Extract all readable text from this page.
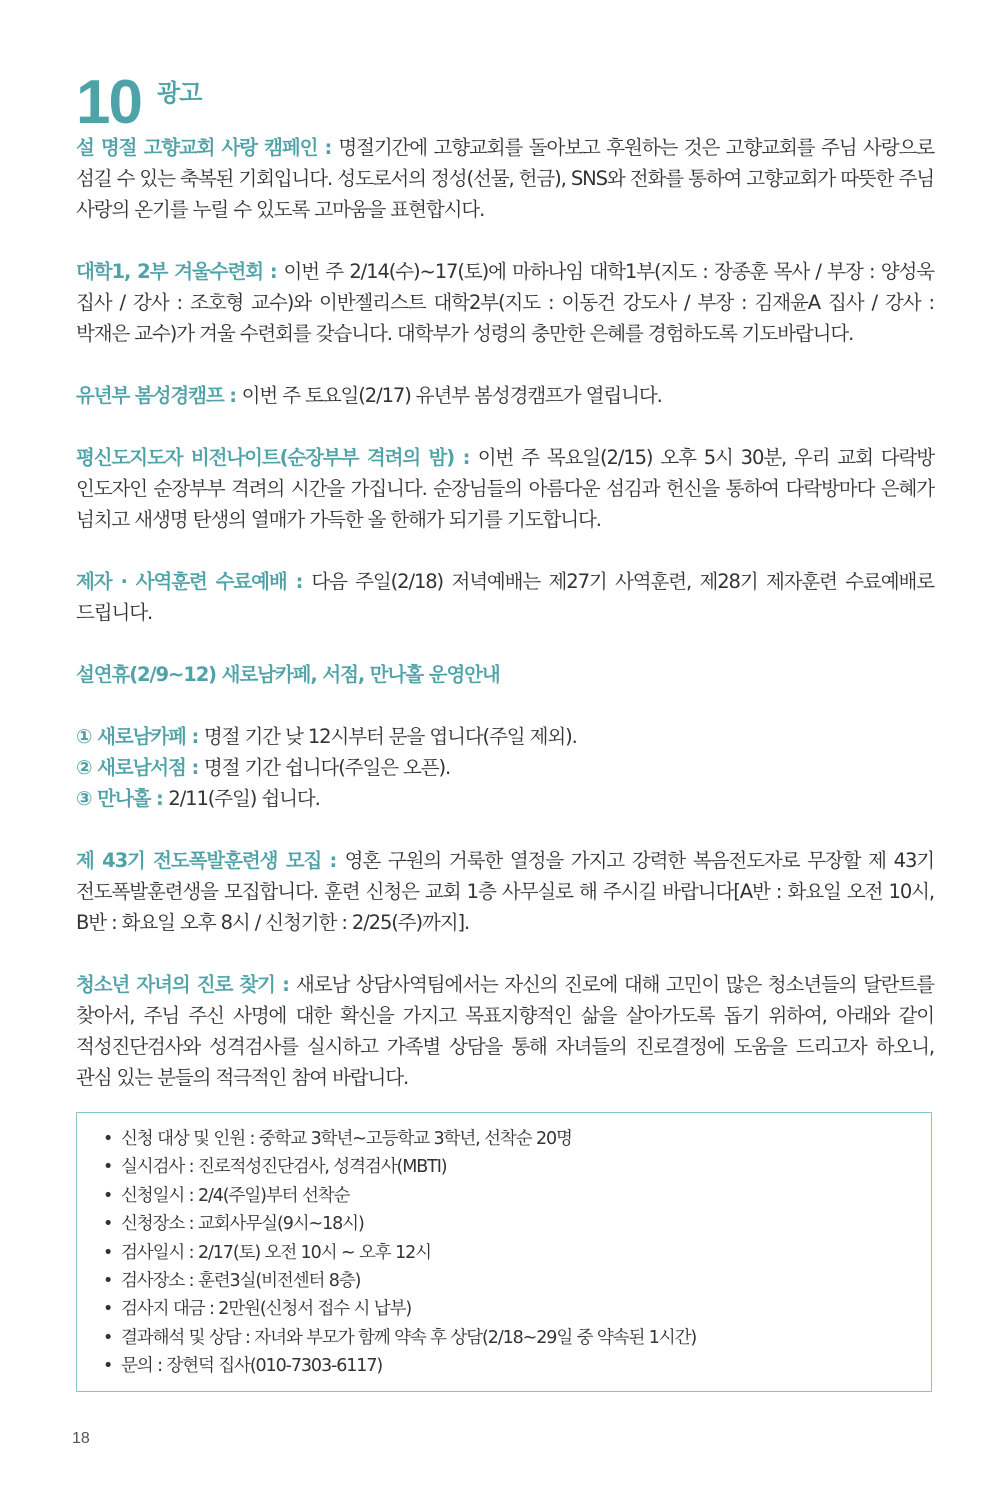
10 광고

설 명절 고향교회 사랑 캠페인 : 명절기간에 고향교회를 돌아보고 후원하는 것은 고향교회를 주님 사랑으로 섬길 수 있는 축복된 기회입니다. 성도로서의 정성(선물, 헌금), SNS와 전화를 통하여 고향교회가 따뜻한 주님 사랑의 온기를 누릴 수 있도록 고마움을 표현합시다.

대학1, 2부 겨울수련회 : 이번 주 2/14(수)~17(토)에 마하나임 대학1부(지도 : 장종훈 목사 / 부장 : 양성욱 집사 / 강사 : 조호형 교수)와 이반젤리스트 대학2부(지도 : 이동건 강도사 / 부장 : 김재윤A 집사 / 강사 : 박재은 교수)가 겨울 수련회를 갖습니다. 대학부가 성령의 충만한 은혜를 경험하도록 기도바랍니다.

유년부 봄성경캠프 : 이번 주 토요일(2/17) 유년부 봄성경캠프가 열립니다.

평신도지도자 비전나이트(순장부부 격려의 밤) : 이번 주 목요일(2/15) 오후 5시 30분, 우리 교회 다락방 인도자인 순장부부 격려의 시간을 가집니다. 순장님들의 아름다운 섬김과 헌신을 통하여 다락방마다 은혜가 넘치고 새생명 탄생의 열매가 가득한 올 한해가 되기를 기도합니다.

제자 · 사역훈련 수료예배 : 다음 주일(2/18) 저녁예배는 제27기 사역훈련, 제28기 제자훈련 수료예배로 드립니다.

설연휴(2/9~12) 새로남카페, 서점, 만나홀 운영안내

① 새로남카페 : 명절 기간 낮 12시부터 문을 엽니다(주일 제외).

② 새로남서점 : 명절 기간 쉽니다(주일은 오픈).

③ 만나홀 : 2/11(주일) 쉽니다.

제 43기 전도폭발훈련생 모집 : 영혼 구원의 거룩한 열정을 가지고 강력한 복음전도자로 무장할 제 43기 전도폭발훈련생을 모집합니다. 훈련 신청은 교회 1층 사무실로 해 주시길 바랍니다[A반 : 화요일 오전 10시, B반 : 화요일 오후 8시 / 신청기한 : 2/25(주)까지].

청소년 자녀의 진로 찾기 : 새로남 상담사역팀에서는 자신의 진로에 대해 고민이 많은 청소년들의 달란트를 찾아서, 주님 주신 사명에 대한 확신을 가지고 목표지향적인 삶을 살아가도록 돕기 위하여, 아래와 같이 적성진단검사와 성격검사를 실시하고 가족별 상담을 통해 자녀들의 진로결정에 도움을 드리고자 하오니, 관심 있는 분들의 적극적인 참여 바랍니다.

• 신청 대상 및 인원 : 중학교 3학년~고등학교 3학년, 선착순 20명
• 실시검사 : 진로적성진단검사, 성격검사(MBTI)
• 신청일시 : 2/4(주일)부터 선착순
• 신청장소 : 교회사무실(9시~18시)
• 검사일시 : 2/17(토) 오전 10시 ~ 오후 12시
• 검사장소 : 훈련3실(비전센터 8층)
• 검사지 대금 : 2만원(신청서 접수 시 납부)
• 결과해석 및 상담 : 자녀와 부모가 함께 약속 후 상담(2/18~29일 중 약속된 1시간)
• 문의 : 장현덕 집사(010-7303-6117)
18
